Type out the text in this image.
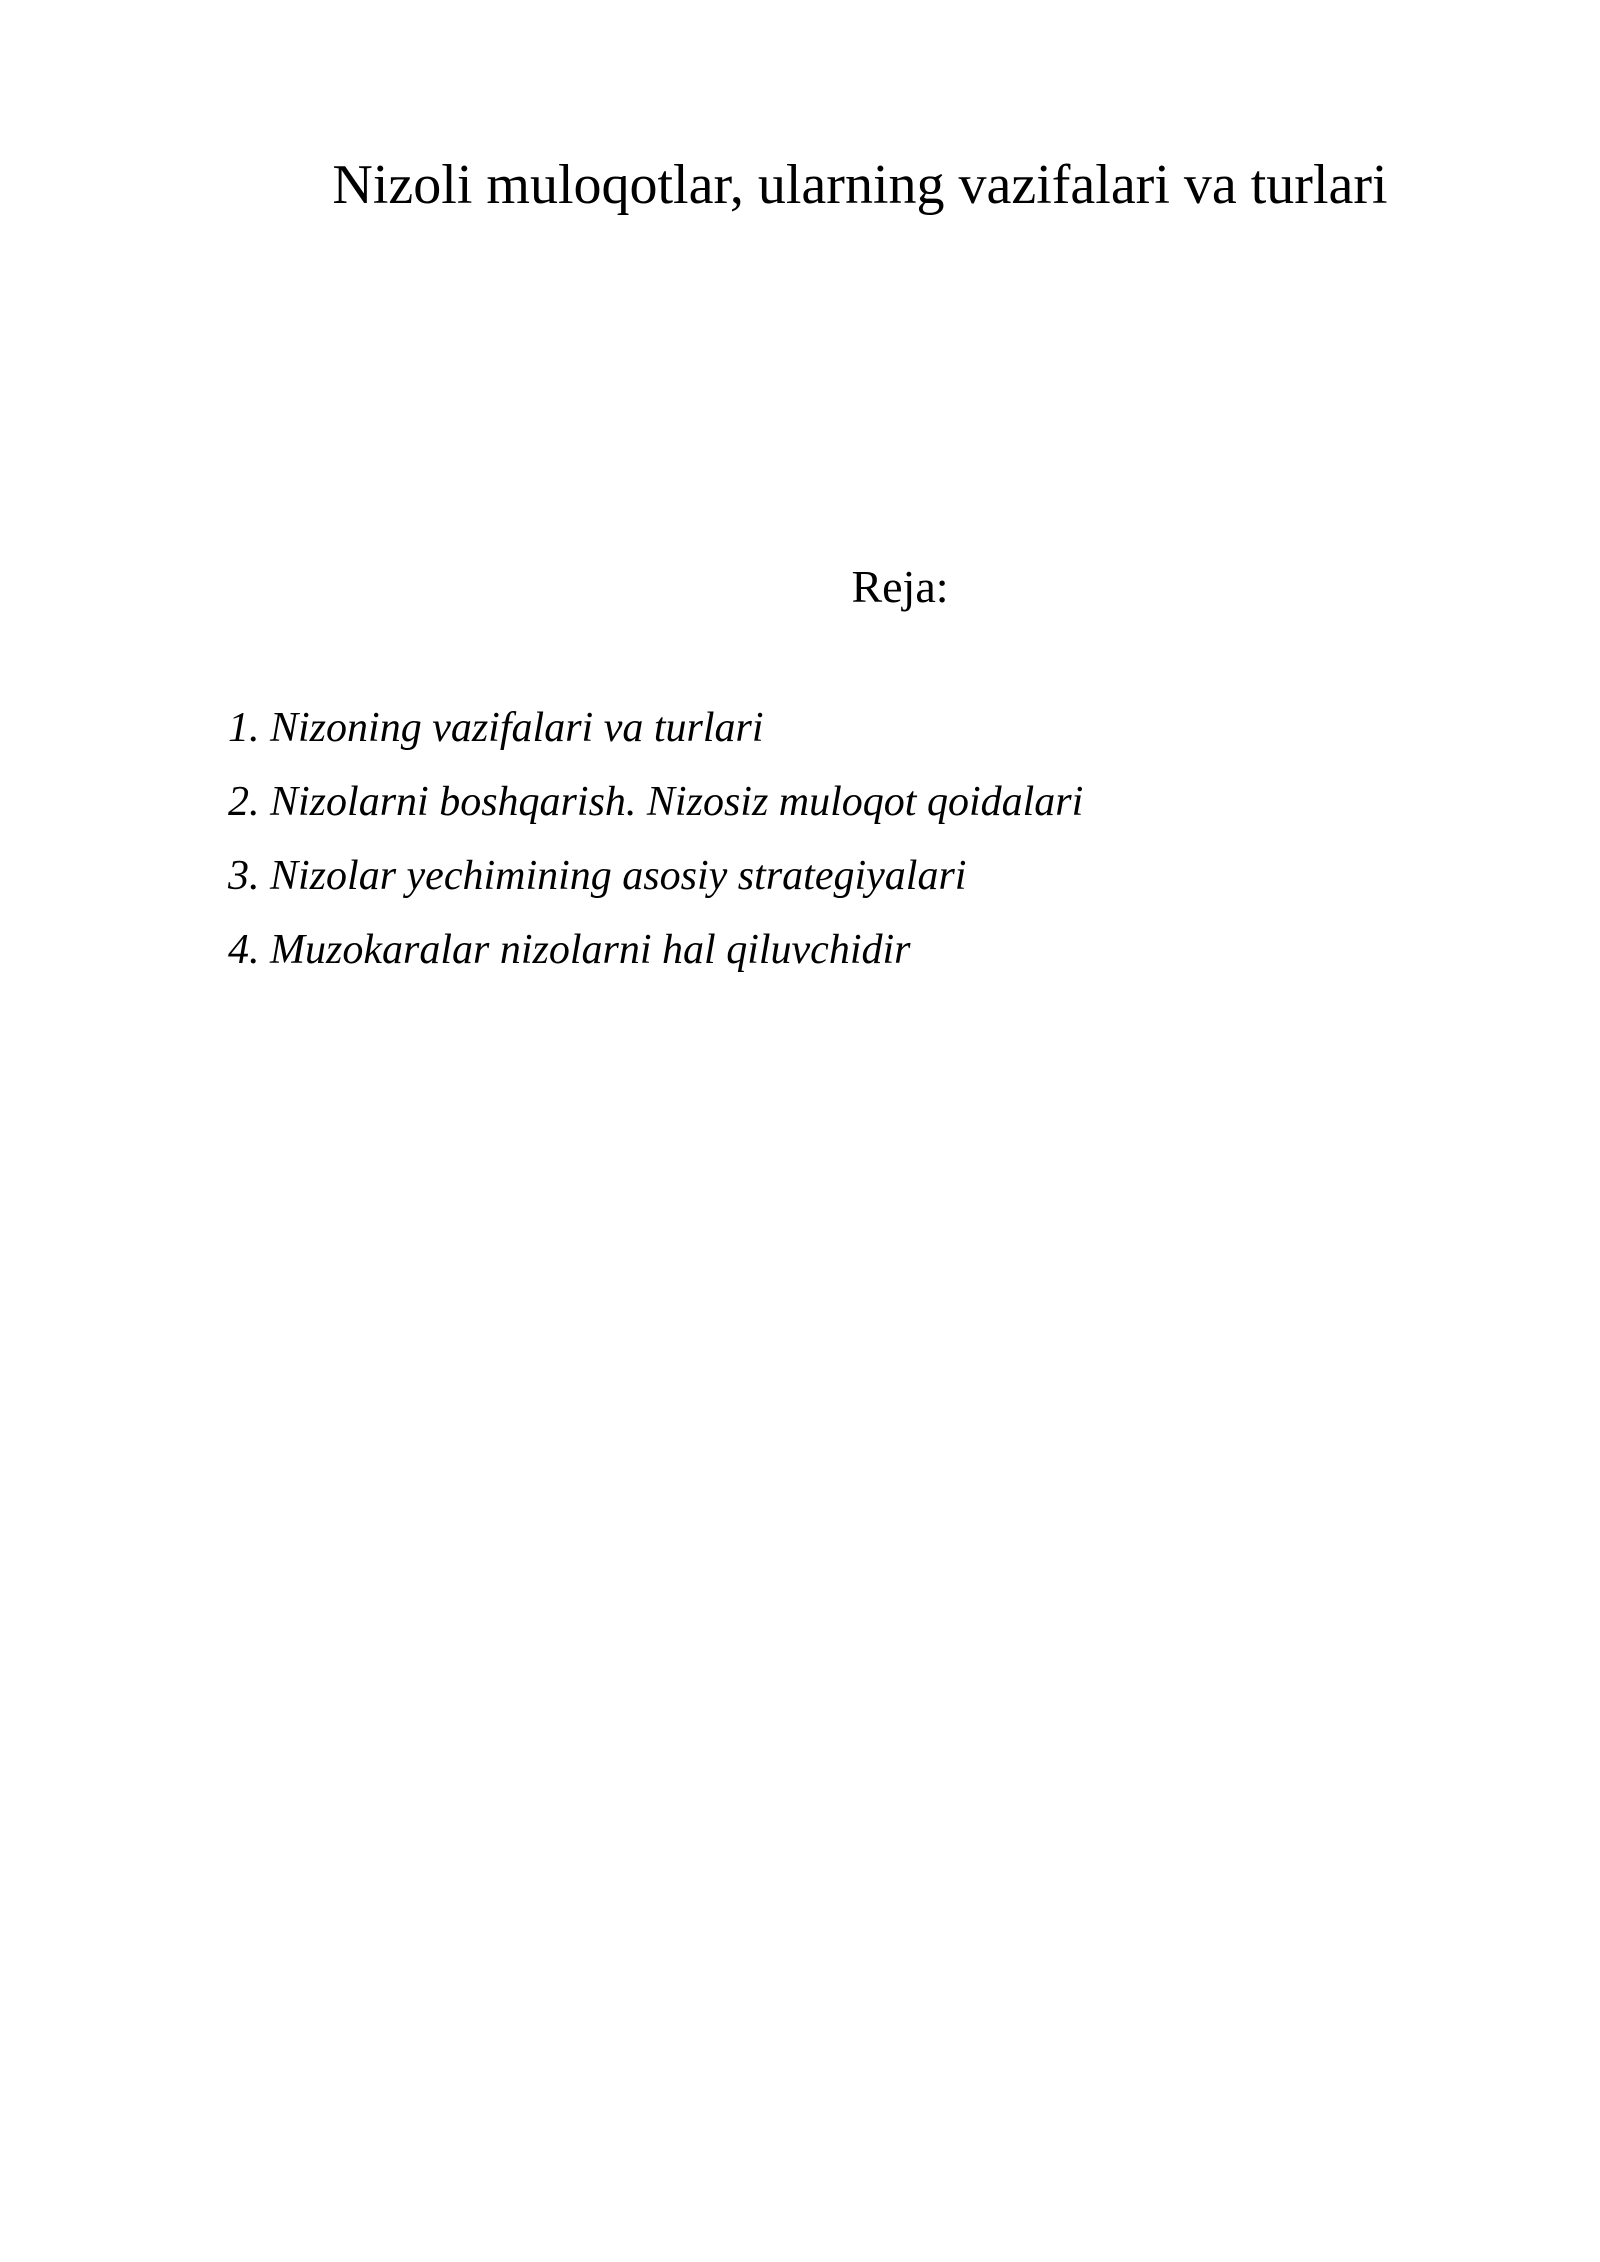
Nizoli muloqotlar, ularning vazifalari va turlari
Reja:
1. Nizoning vazifalari va turlari
2. Nizolarni boshqarish. Nizosiz muloqot qoidalari
3. Nizolar yechimining asosiy strategiyalari
4. Muzokaralar nizolarni hal qiluvchidir
